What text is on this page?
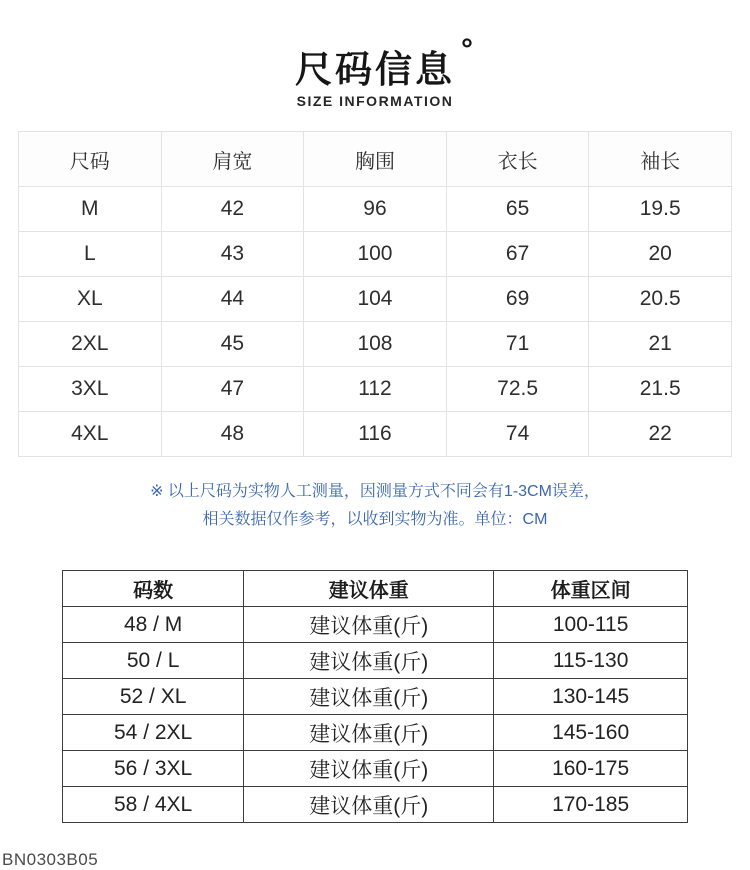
尺码信息 °
SIZE INFORMATION
尺码	肩宽	胸围	衣长	袖长
M	42	96	65	19.5
L	43	100	67	20
XL	44	104	69	20.5
2XL	45	108	71	21
3XL	47	112	72.5	21.5
4XL	48	116	74	22
※ 以上尺码为实物人工测量，因测量方式不同会有1-3CM误差，
相关数据仅作参考，以收到实物为准。单位：CM
码数	建议体重	体重区间
48 / M	建议体重(斤)	100-115
50 / L	建议体重(斤)	115-130
52 / XL	建议体重(斤)	130-145
54 / 2XL	建议体重(斤)	145-160
56 / 3XL	建议体重(斤)	160-175
58 / 4XL	建议体重(斤)	170-185
BN0303B05
